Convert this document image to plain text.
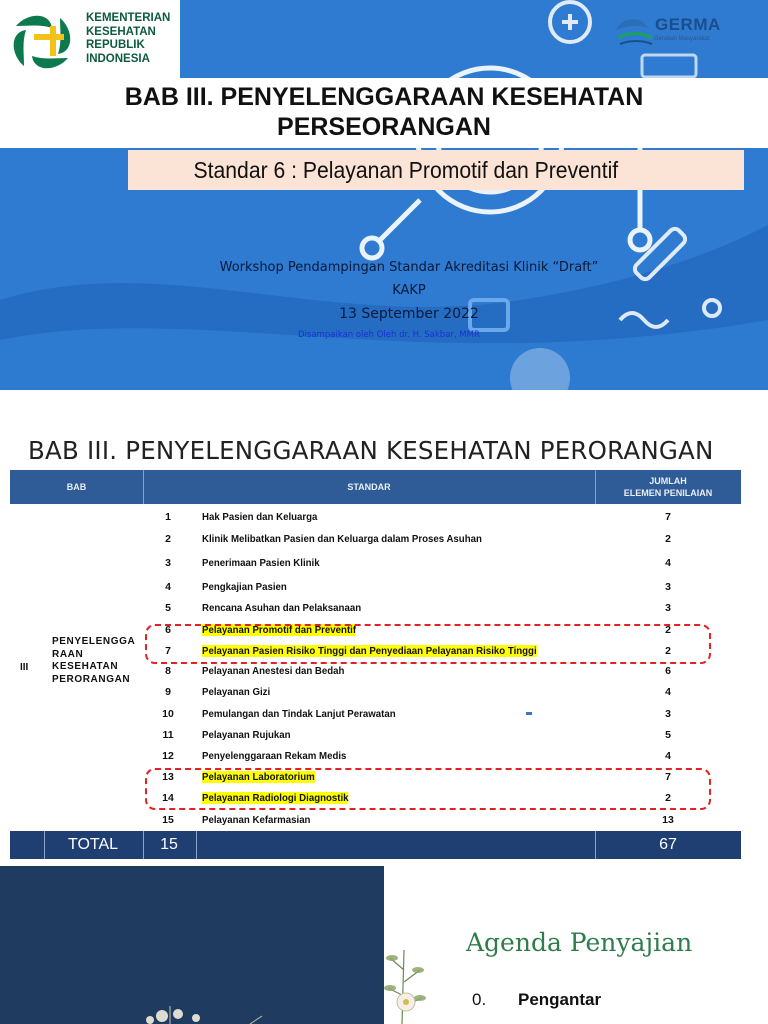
KEMENTERIAN
KESEHATAN
REPUBLIK
INDONESIA
GERMA
Gerakan Masyarakat
BAB III. PENYELENGGARAAN KESEHATAN
PERSEORANGAN
Standar 6 : Pelayanan Promotif dan Preventif
Workshop Pendampingan Standar Akreditasi Klinik “Draft”
KAKP
13 September 2022
Disampaikan oleh Oleh dr. H. Sakbar, MMR
BAB III. PENYELENGGARAAN KESEHATAN PERORANGAN
BAB	STANDAR
JUMLAH
ELEMEN PENILAIAN
III
PENYELENGGA
RAAN
KESEHATAN
PERORANGAN
1	Hak Pasien dan Keluarga	7
2	Klinik Melibatkan Pasien dan Keluarga dalam Proses Asuhan	2
3	Penerimaan Pasien Klinik	4
4	Pengkajian Pasien	3
5	Rencana Asuhan dan Pelaksanaan	3
6	Pelayanan Promotif dan Preventif	2
7	Pelayanan Pasien Risiko Tinggi dan Penyediaan Pelayanan Risiko Tinggi	2
8	Pelayanan Anestesi dan Bedah	6
9	Pelayanan Gizi	4
10	Pemulangan dan Tindak Lanjut Perawatan	3
11	Pelayanan Rujukan	5
12	Penyelenggaraan Rekam Medis	4
13	Pelayanan Laboratorium	7
14	Pelayanan Radiologi Diagnostik	2
15	Pelayanan Kefarmasian	13
TOTAL	15	67
Agenda Penyajian
0. Pengantar
